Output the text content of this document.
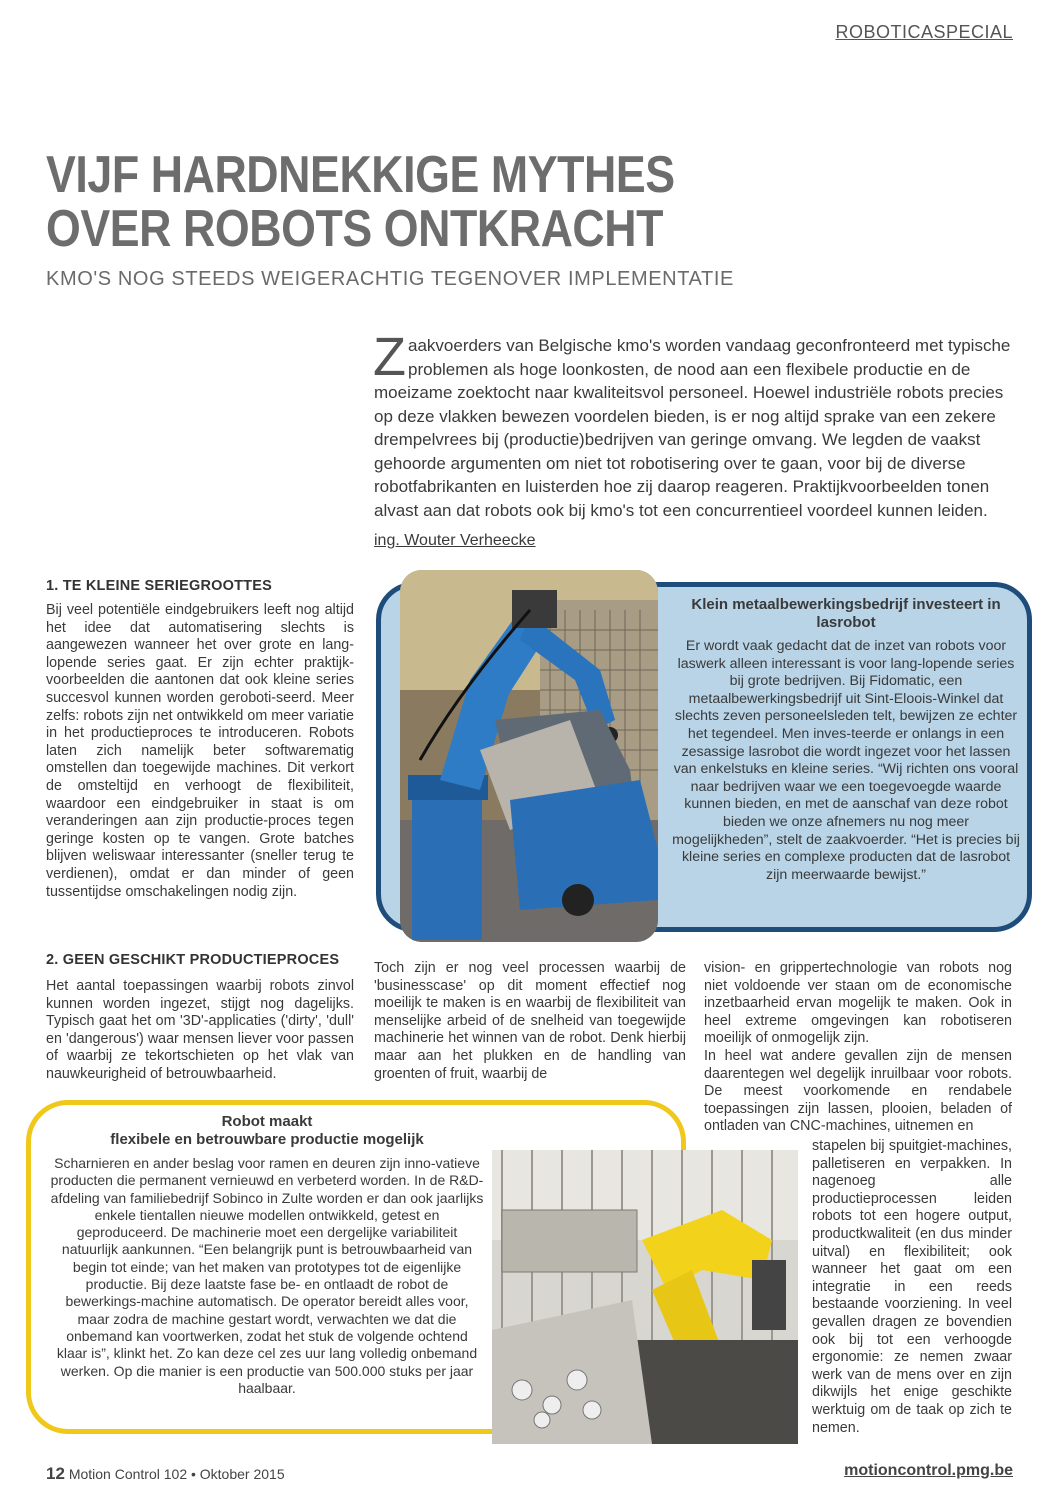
ROBOTICASPECIAL
VIJF HARDNEKKIGE MYTHES
OVER ROBOTS ONTKRACHT
KMO'S NOG STEEDS WEIGERACHTIG TEGENOVER IMPLEMENTATIE
Zaakvoerders van Belgische kmo's worden vandaag geconfronteerd met typische problemen als hoge loonkosten, de nood aan een flexibele productie en de moeizame zoektocht naar kwaliteitsvol personeel. Hoewel industriële robots precies op deze vlakken bewezen voordelen bieden, is er nog altijd sprake van een zekere drempelvrees bij (productie)bedrijven van geringe omvang. We legden de vaakst gehoorde argumenten om niet tot robotisering over te gaan, voor bij de diverse robotfabrikanten en luisterden hoe zij daarop reageren. Praktijkvoorbeelden tonen alvast aan dat robots ook bij kmo's tot een concurrentieel voordeel kunnen leiden.
ing. Wouter Verheecke
1. TE KLEINE SERIEGROOTTES

Bij veel potentiële eindgebruikers leeft nog altijd het idee dat automatisering slechts is aangewezen wanneer het over grote en lang-lopende series gaat. Er zijn echter praktijk-voorbeelden die aantonen dat ook kleine series succesvol kunnen worden geroboti-seerd. Meer zelfs: robots zijn net ontwikkeld om meer variatie in het productieproces te introduceren. Robots laten zich namelijk beter softwarematig omstellen dan toegewijde machines. Dit verkort de omsteltijd en verhoogt de flexibiliteit, waardoor een eindgebruiker in staat is om veranderingen aan zijn productie-proces tegen geringe kosten op te vangen. Grote batches blijven weliswaar interessanter (sneller terug te verdienen), omdat er dan minder of geen tussentijdse omschakelingen nodig zijn.

2. GEEN GESCHIKT PRODUCTIEPROCES

Het aantal toepassingen waarbij robots zinvol kunnen worden ingezet, stijgt nog dagelijks. Typisch gaat het om '3D'-applicaties ('dirty', 'dull' en 'dangerous') waar mensen liever voor passen of waarbij ze tekortschieten op het vlak van nauwkeurigheid of betrouwbaarheid.

Klein metaalbewerkingsbedrijf investeert in lasrobot
Er wordt vaak gedacht dat de inzet van robots voor laswerk alleen interessant is voor lang-lopende series bij grote bedrijven. Bij Fidomatic, een metaalbewerkingsbedrijf uit Sint-Eloois-Winkel dat slechts zeven personeelsleden telt, bewijzen ze echter het tegendeel. Men inves-teerde er onlangs in een zesassige lasrobot die wordt ingezet voor het lassen van enkelstuks en kleine series. “Wij richten ons vooral naar bedrijven waar we een toegevoegde waarde kunnen bieden, en met de aanschaf van deze robot bieden we onze afnemers nu nog meer mogelijkheden”, stelt de zaakvoerder. “Het is precies bij kleine series en complexe producten dat de lasrobot zijn meerwaarde bewijst.”

Toch zijn er nog veel processen waarbij de 'businesscase' op dit moment effectief nog moeilijk te maken is en waarbij de flexibiliteit van menselijke arbeid of de snelheid van toegewijde machinerie het winnen van de robot. Denk hierbij maar aan het plukken en de handling van groenten of fruit, waarbij de

vision- en grippertechnologie van robots nog niet voldoende ver staan om de economische inzetbaarheid ervan mogelijk te maken. Ook in heel extreme omgevingen kan robotiseren moeilijk of onmogelijk zijn.

In heel wat andere gevallen zijn de mensen daarentegen wel degelijk inruilbaar voor robots. De meest voorkomende en rendabele toepassingen zijn lassen, plooien, beladen of ontladen van CNC-machines, uitnemen en

stapelen bij spuitgiet-machines, palletiseren en verpakken. In nagenoeg alle productieprocessen leiden robots tot een hogere output, productkwaliteit (en dus minder uitval) en flexibiliteit; ook wanneer het gaat om een integratie in een reeds bestaande voorziening. In veel gevallen dragen ze bovendien ook bij tot een verhoogde ergonomie: ze nemen zwaar werk van de mens over en zijn dikwijls het enige geschikte werktuig om de taak op zich te nemen.

Robot maakt
flexibele en betrouwbare productie mogelijk
Scharnieren en ander beslag voor ramen en deuren zijn inno-vatieve producten die permanent vernieuwd en verbeterd worden. In de R&D-afdeling van familiebedrijf Sobinco in Zulte worden er dan ook jaarlijks enkele tientallen nieuwe modellen ontwikkeld, getest en geproduceerd. De machinerie moet een dergelijke variabiliteit natuurlijk aankunnen. “Een belangrijk punt is betrouwbaarheid van begin tot einde; van het maken van prototypes tot de eigenlijke productie. Bij deze laatste fase be- en ontlaadt de robot de bewerkings-machine automatisch. De operator bereidt alles voor, maar zodra de machine gestart wordt, verwachten we dat die onbemand kan voortwerken, zodat het stuk de volgende ochtend klaar is”, klinkt het. Zo kan deze cel zes uur lang volledig onbemand werken. Op die manier is een productie van 500.000 stuks per jaar haalbaar.
12 Motion Control 102 • Oktober 2015	motioncontrol.pmg.be
